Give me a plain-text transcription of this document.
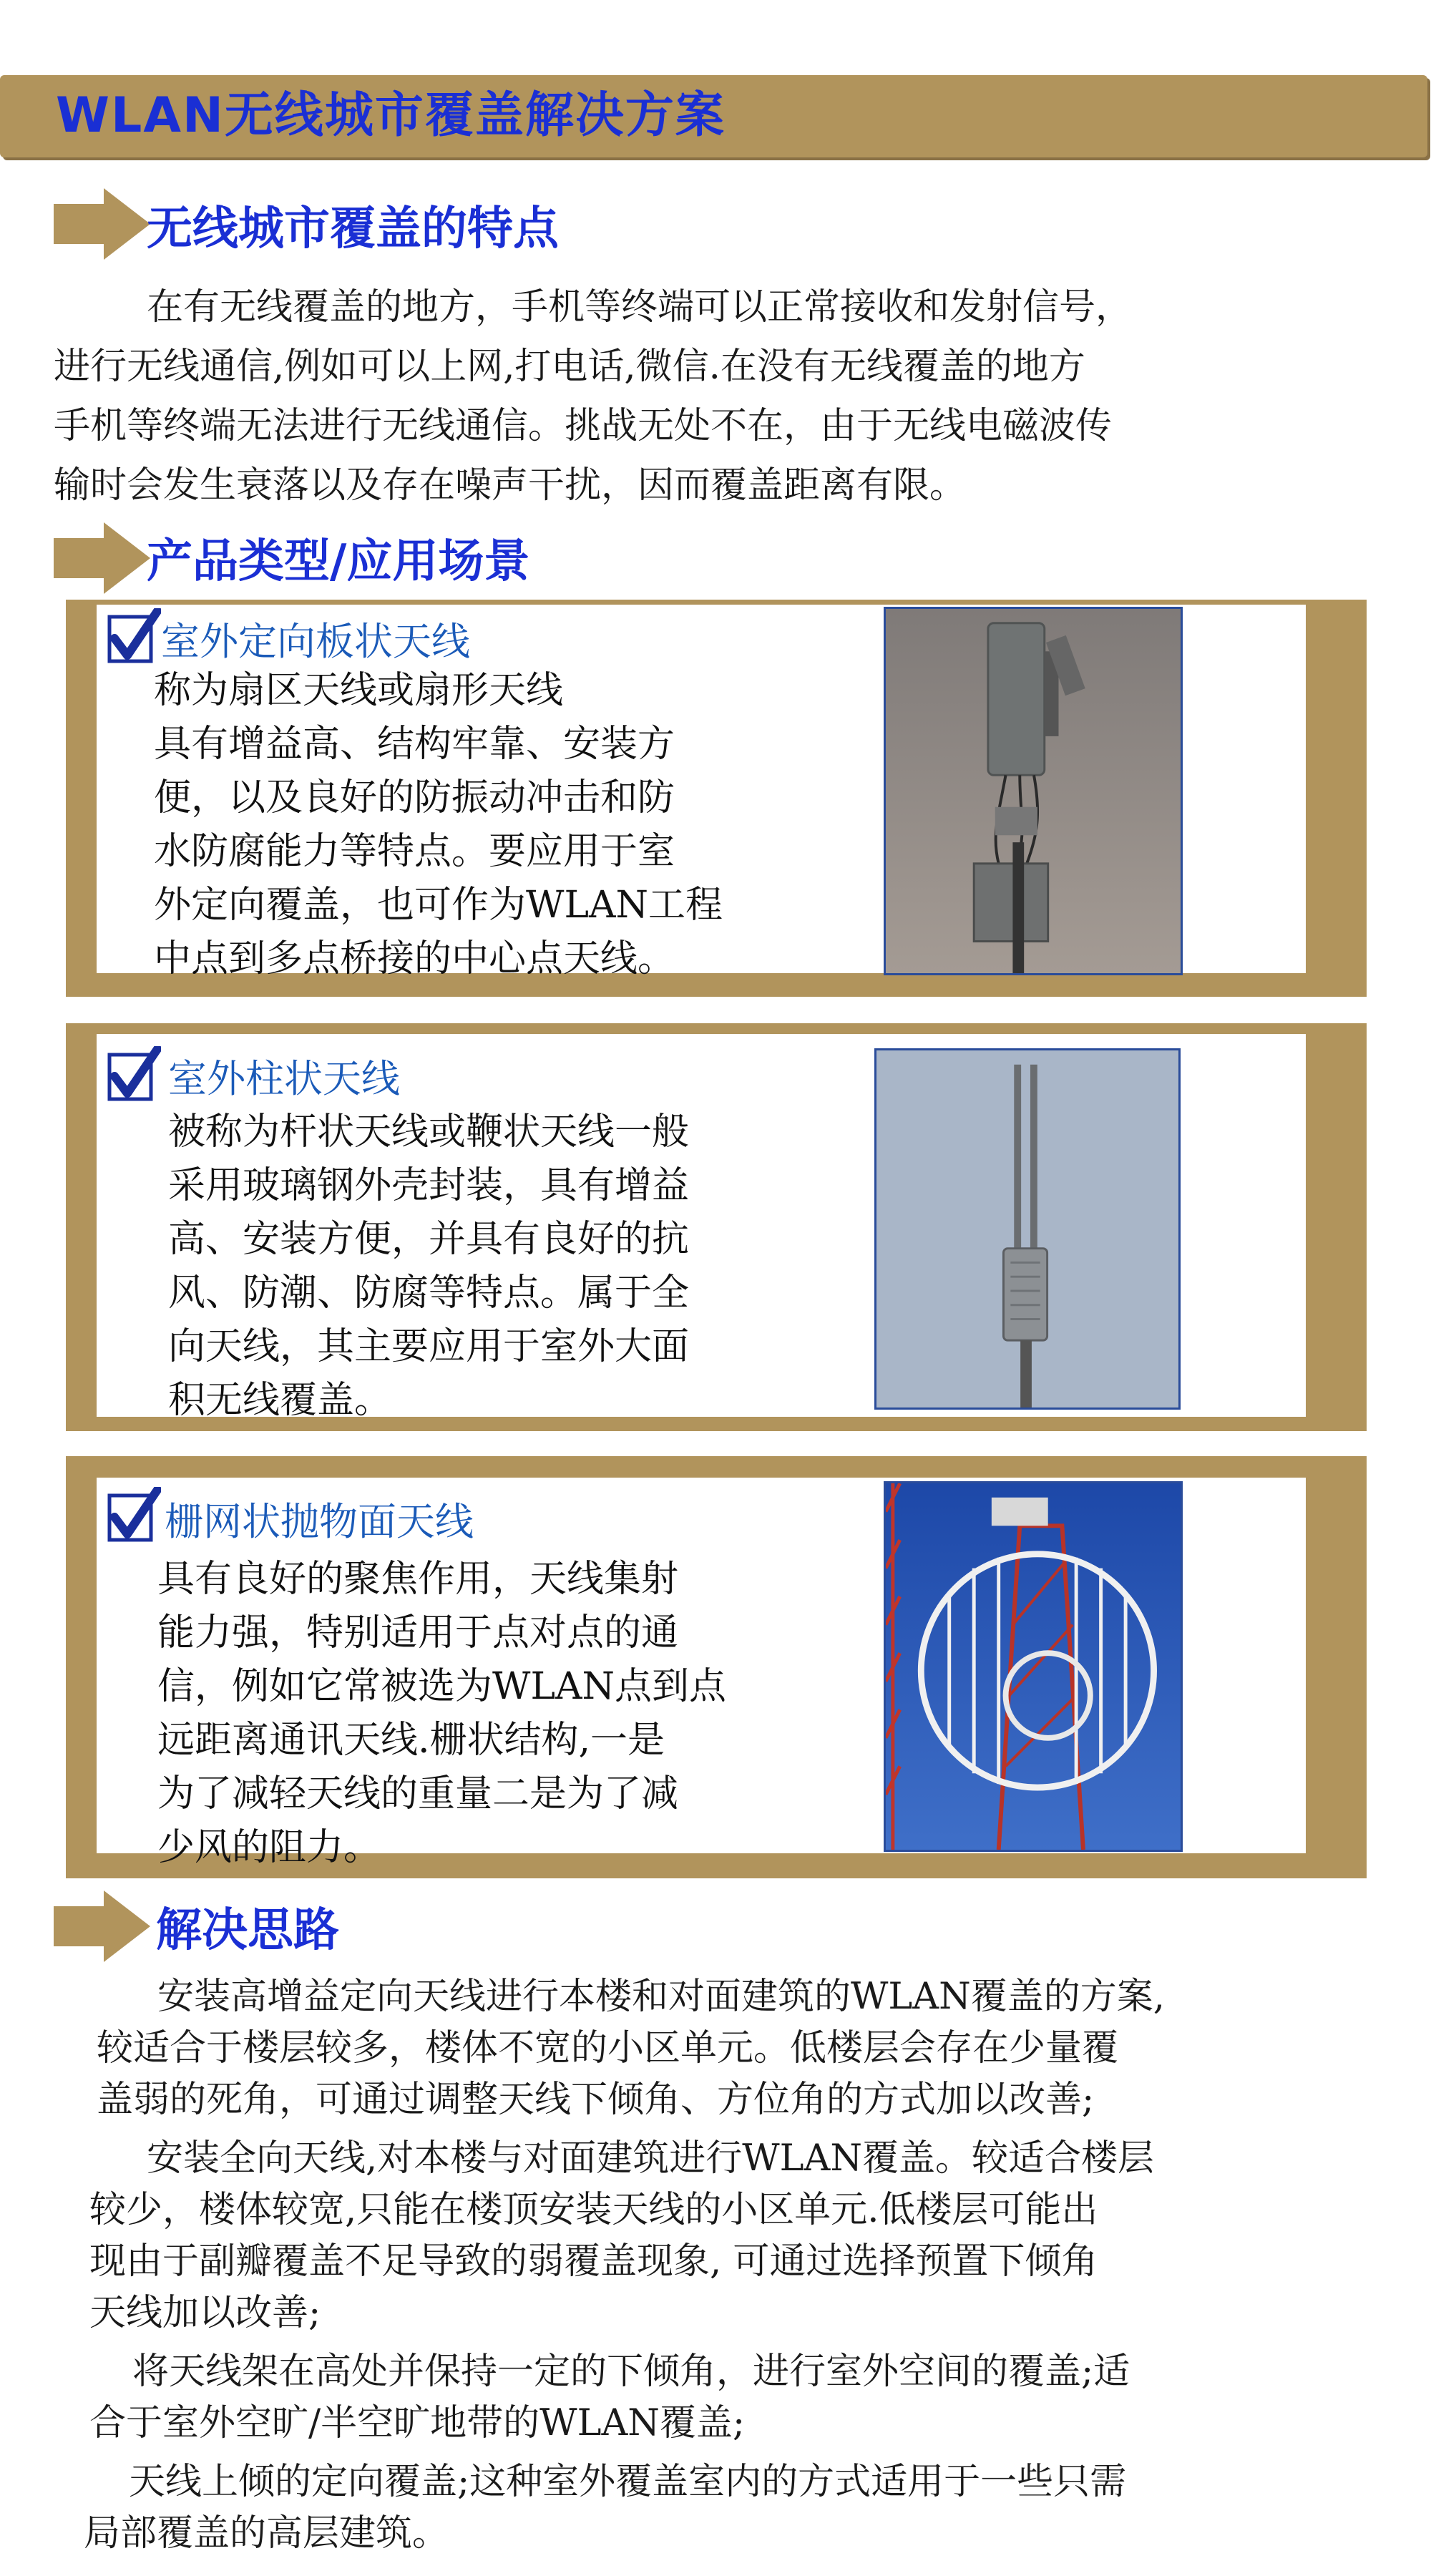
WLAN无线城市覆盖解决方案
无线城市覆盖的特点
在有无线覆盖的地方，手机等终端可以正常接收和发射信号，
进行无线通信,例如可以上网,打电话,微信.在没有无线覆盖的地方
手机等终端无法进行无线通信。挑战无处不在，由于无线电磁波传
输时会发生衰落以及存在噪声干扰，因而覆盖距离有限。
产品类型/应用场景
室外定向板状天线
称为扇区天线或扇形天线
具有增益高、结构牢靠、安装方
便，以及良好的防振动冲击和防
水防腐能力等特点。要应用于室
外定向覆盖，也可作为WLAN工程
中点到多点桥接的中心点天线。
室外柱状天线
被称为杆状天线或鞭状天线一般
采用玻璃钢外壳封装，具有增益
高、安装方便，并具有良好的抗
风、防潮、防腐等特点。属于全
向天线，其主要应用于室外大面
积无线覆盖。
栅网状抛物面天线
具有良好的聚焦作用，天线集射
能力强，特别适用于点对点的通
信，例如它常被选为WLAN点到点
远距离通讯天线.栅状结构,一是
为了减轻天线的重量二是为了减
少风的阻力。
解决思路
安装高增益定向天线进行本楼和对面建筑的WLAN覆盖的方案,
较适合于楼层较多，楼体不宽的小区单元。低楼层会存在少量覆
盖弱的死角，可通过调整天线下倾角、方位角的方式加以改善;
安装全向天线,对本楼与对面建筑进行WLAN覆盖。较适合楼层
较少，楼体较宽,只能在楼顶安装天线的小区单元.低楼层可能出
现由于副瓣覆盖不足导致的弱覆盖现象, 可通过选择预置下倾角
天线加以改善;
将天线架在高处并保持一定的下倾角，进行室外空间的覆盖;适
合于室外空旷/半空旷地带的WLAN覆盖;
天线上倾的定向覆盖;这种室外覆盖室内的方式适用于一些只需
局部覆盖的高层建筑。
